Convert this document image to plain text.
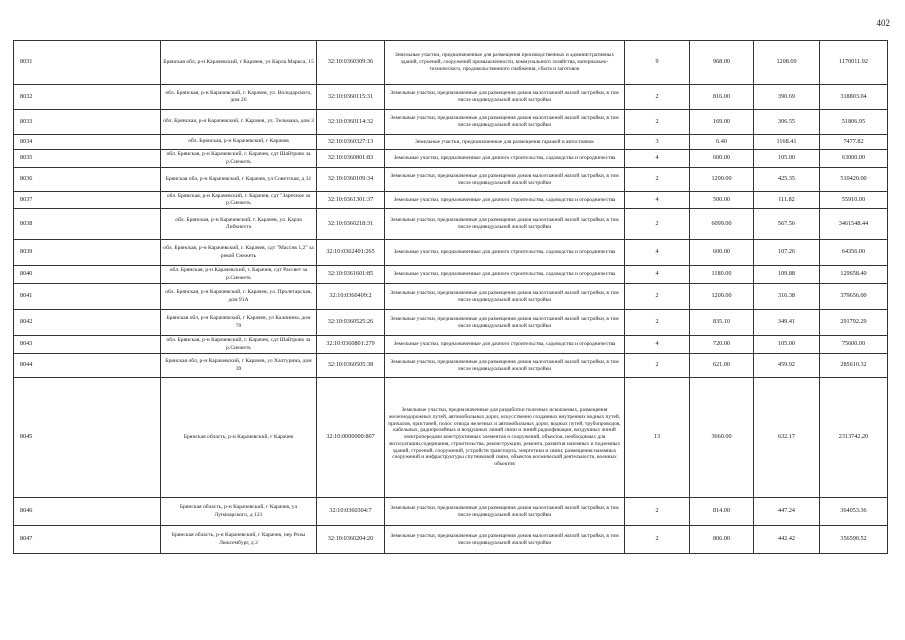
402
8031	Брянская обл, р-н Карачевский, г Карачев, ул Карла Маркса, 15	32:10:0360309:36	Земельные участки, предназначенные для размещения производственных и административных зданий, строений, сооружений промышленности, коммунального хозяйства, материально-технического, продовольственного снабжения, сбыта и заготовок	9	968.00	1208.69	1170011.92
8032	обл. Брянская, р-н Карачевский, г. Карачев, ул. Володарского, дом 26	32:10:0360115:31	Земельные участки, предназначенные для размещения домов малоэтажной жилой застройки, в том числе индивидуальной жилой застройки	2	816.00	390.69	318803.04
8033	обл. Брянская, р-н Карачевский, г. Карачев, ул. Тельмана, дом 3	32:10:0360114:32	Земельные участки, предназначенные для размещения домов малоэтажной жилой застройки, в том числе индивидуальной жилой застройки	2	169.00	306.55	51806.95
8034	обл. Брянская, р-н Карачевский, г Карачев	32:10:0360327:13	Земельные участки, предназначенные для размещения гаражей и автостоянок	3	6.40	1168.41	7477.82
8035	обл. Брянская, р-н Карачевский, г. Карачев, сдт Шайтрово за р.Снежеть	32:10:0360801:83	Земельные участки, предназначенные для дачного строительства, садоводства и огородничества	4	600.00	105.00	63000.00
8036	Брянская обл, р-н Карачевский, г Карачев, ул Советская, д 31	32:10:0360109:34	Земельные участки, предназначенные для размещения домов малоэтажной жилой застройки, в том числе индивидуальной жилой застройки	2	1200.00	425.35	510420.00
8037	обл. Брянская, р-н Карачевский, г. Карачев, сдт "Заречное за р.Снежеть	32:10:0361301:37	Земельные участки, предназначенные для дачного строительства, садоводства и огородничества	4	500.00	111.82	55910.00
8038	обл. Брянская, р-н Карачевский, г. Карачев, ул. Карла Либкнехта	32:10:0360218:31	Земельные участки, предназначенные для размещения домов малоэтажной жилой застройки, в том числе индивидуальной жилой застройки	2	6099.00	567.56	3461548.44
8039	обл. Брянская, р-н Карачевский, г. Карачев, сдт "Массив 1,2" за рекой Снежеть	32:10:0362401:265	Земельные участки, предназначенные для дачного строительства, садоводства и огородничества	4	600.00	107.26	64356.00
8040	обл. Брянская, р-н Карачевский, г. Карачев, сдт Рассвет за р.Снежеть	32:10:0361601:85	Земельные участки, предназначенные для дачного строительства, садоводства и огородничества	4	1180.00	109.88	129658.40
8041	обл. Брянская, р-н Карачевский, г. Карачев, ул. Пролетарская, дом 91А	32:10:0360409:2	Земельные участки, предназначенные для размещения домов малоэтажной жилой застройки, в том числе индивидуальной жилой застройки	2	1200.00	316.38	379656.00
8042	Брянская обл, р-н Карачевский, г Карачев, ул Калинина, дом 70	32:10:0360525:26	Земельные участки, предназначенные для размещения домов малоэтажной жилой застройки, в том числе индивидуальной жилой застройки	2	835.10	349.41	291792.29
8043	обл. Брянская, р-н Карачевский, г. Карачев, сдт Шайтрово за р.Снежеть	32:10:0360801:279	Земельные участки, предназначенные для дачного строительства, садоводства и огородничества	4	720.00	105.00	75600.00
8044	Брянская обл, р-н Карачевский, г Карачев, ул Халтурина, дом 39	32:10:0360505:38	Земельные участки, предназначенные для размещения домов малоэтажной жилой застройки, в том числе индивидуальной жилой застройки	2	621.00	459.92	285610.32
8045	Брянская область, р-н Карачевский, г Карачев	32:10:0000000:807	Земельные участки, предназначенные для разработки полезных ископаемых, размещения железнодорожных путей, автомобильных дорог, искусственно созданных внутренних водных путей, причалов, пристаней, полос отвода железных и автомобильных дорог, водных путей, трубопроводов, кабельных, радиорелейных и воздушных линий связи и линий радиофикации, воздушных линий электропередачи конструктивных элементов и сооружений, объектов, необходимых для эксплуатации,содержания, строительства, реконструкции, ремонта, развития наземных и подземных зданий, строений, сооружений, устройств транспорта, энергетики и связи; размещения наземных сооружений и инфраструктуры спутниковой связи, объектов космической деятельности, военных объектов	13	3660.00	632.17	2313742.20
8046	Брянская область, р-н Карачевский, г Карачев, ул Луначарского, д 121	32:10:0360304:7	Земельные участки, предназначенные для размещения домов малоэтажной жилой застройки, в том числе индивидуальной жилой застройки	2	814.00	447.24	364053.36
8047	Брянская область, р-н Карачевский, г Карачев, пер Розы Люксембург, д 2	32:10:0360204:20	Земельные участки, предназначенные для размещения домов малоэтажной жилой застройки, в том числе индивидуальной жилой застройки	2	806.00	442.42	356590.52
